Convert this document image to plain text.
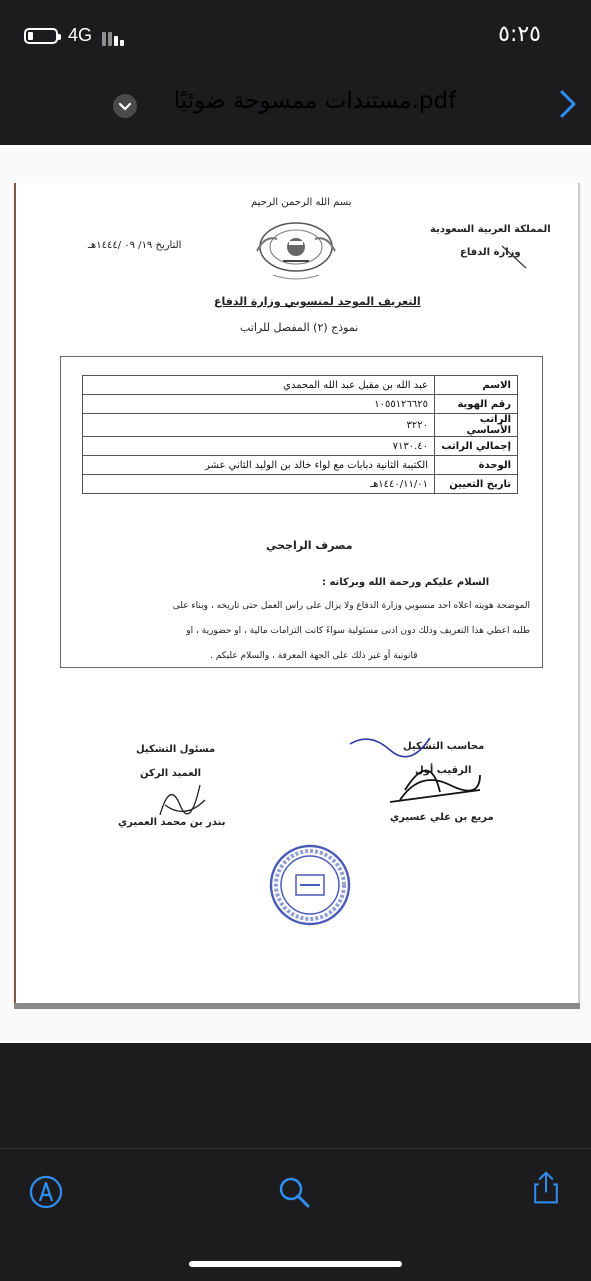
4G	٥:٢٥
مستندات ممسوحة ضوئيًا.pdf
بسم الله الرحمن الرحيم
المملكة العربية السعودية
وزارة الدفاع
التاريخ ١٩/ ٠٩ /١٤٤٤هـ
التعريف الموحد لمنسوبي وزارة الدفاع
نموذج (٢) المفصل للراتب
الاسم	عبد الله بن مقبل عبد الله المحمدي
رقم الهوية	١٠٥٥١٢٦٦٢٥
الراتب الأساسي	٣٢٢٠
إجمالي الراتب	٧١٣٠.٤٠
الوحدة	الكتيبة الثانية دبابات مع لواء خالد بن الوليد الثاني عشر
تاريخ التعيين	١٤٤٠/١١/٠١هـ
مصرف الراجحي
السلام عليكم ورحمة الله وبركاته :
الموضحة هويته أعلاه أحد منسوبي وزارة الدفاع ولا يزال على رأس العمل حتى تاريخه ، وبناء على
طلبه أعطي هذا التعريف وذلك دون أدنى مسئولية سواءً كانت التزامات مالية ، أو حضورية ، أو
قانونية أو غير ذلك على الجهة المعرفة ، والسلام عليكم .
مسئول التشكيل
العميد الركن
بندر بن محمد العميري
محاسب التشكيل
الرقيب أول
مريع بن علي عسيري
